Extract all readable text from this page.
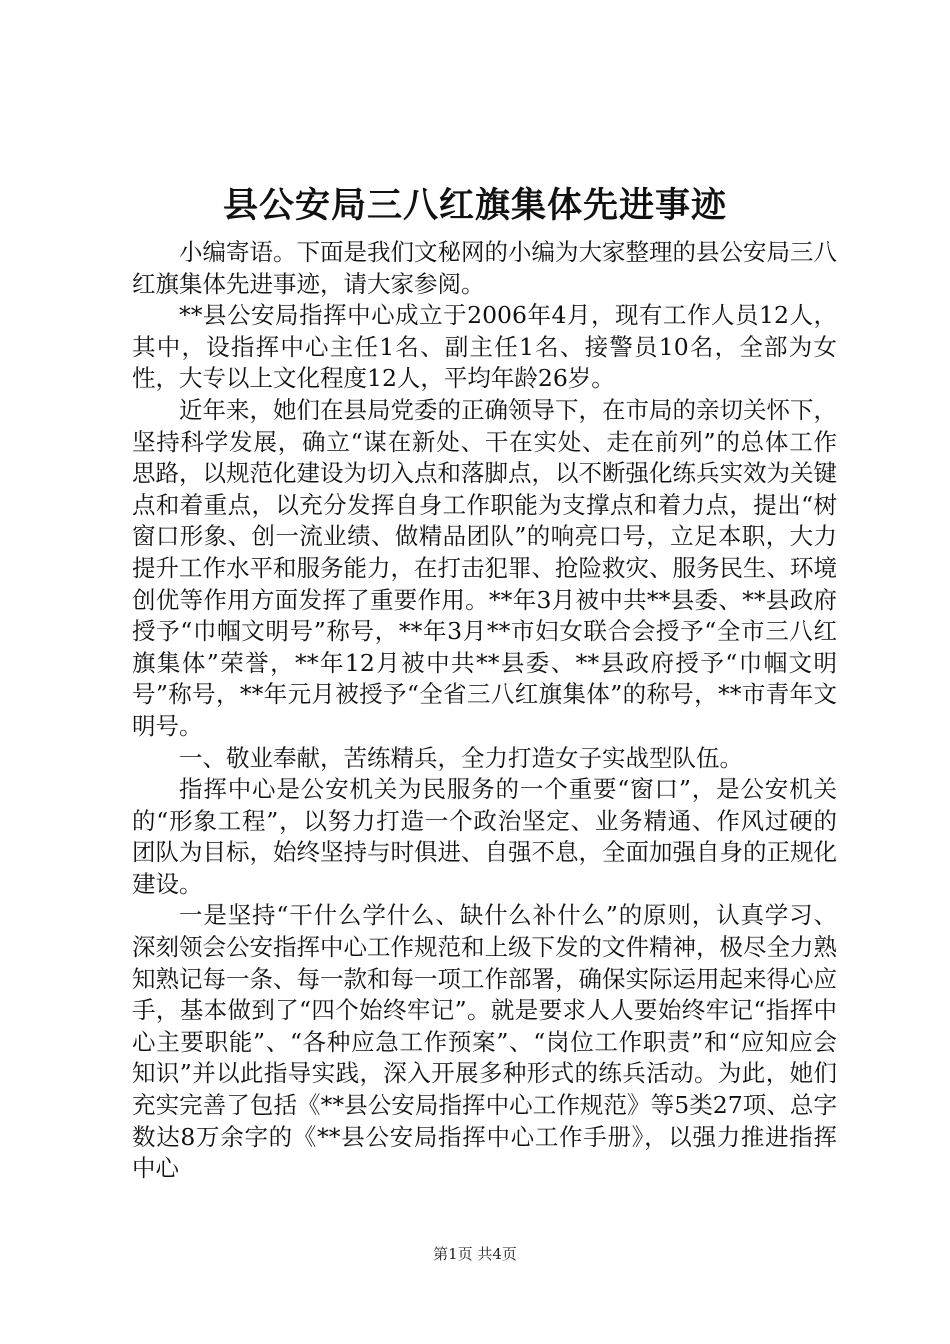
县公安局三八红旗集体先进事迹

小编寄语。下面是我们文秘网的小编为大家整理的县公安局三八红旗集体先进事迹，请大家参阅。

**县公安局指挥中心成立于2006年4月，现有工作人员12人，其中，设指挥中心主任1名、副主任1名、接警员10名，全部为女性，大专以上文化程度12人，平均年龄26岁。

近年来，她们在县局党委的正确领导下，在市局的亲切关怀下，坚持科学发展，确立“谋在新处、干在实处、走在前列”的总体工作思路，以规范化建设为切入点和落脚点，以不断强化练兵实效为关键点和着重点，以充分发挥自身工作职能为支撑点和着力点，提出“树窗口形象、创一流业绩、做精品团队”的响亮口号，立足本职，大力提升工作水平和服务能力，在打击犯罪、抢险救灾、服务民生、环境创优等作用方面发挥了重要作用。**年3月被中共**县委、**县政府授予“巾帼文明号”称号，**年3月**市妇女联合会授予“全市三八红旗集体”荣誉，**年12月被中共**县委、**县政府授予“巾帼文明号”称号，**年元月被授予“全省三八红旗集体”的称号，**市青年文明号。

一、敬业奉献，苦练精兵，全力打造女子实战型队伍。

指挥中心是公安机关为民服务的一个重要“窗口”，是公安机关的“形象工程”，以努力打造一个政治坚定、业务精通、作风过硬的团队为目标，始终坚持与时俱进、自强不息，全面加强自身的正规化建设。

一是坚持“干什么学什么、缺什么补什么”的原则，认真学习、深刻领会公安指挥中心工作规范和上级下发的文件精神，极尽全力熟知熟记每一条、每一款和每一项工作部署，确保实际运用起来得心应手，基本做到了“四个始终牢记”。就是要求人人要始终牢记“指挥中心主要职能”、“各种应急工作预案”、“岗位工作职责”和“应知应会知识”并以此指导实践，深入开展多种形式的练兵活动。为此，她们充实完善了包括《**县公安局指挥中心工作规范》等5类27项、总字数达8万余字的《**县公安局指挥中心工作手册》，以强力推进指挥中心

第1页 共4页
